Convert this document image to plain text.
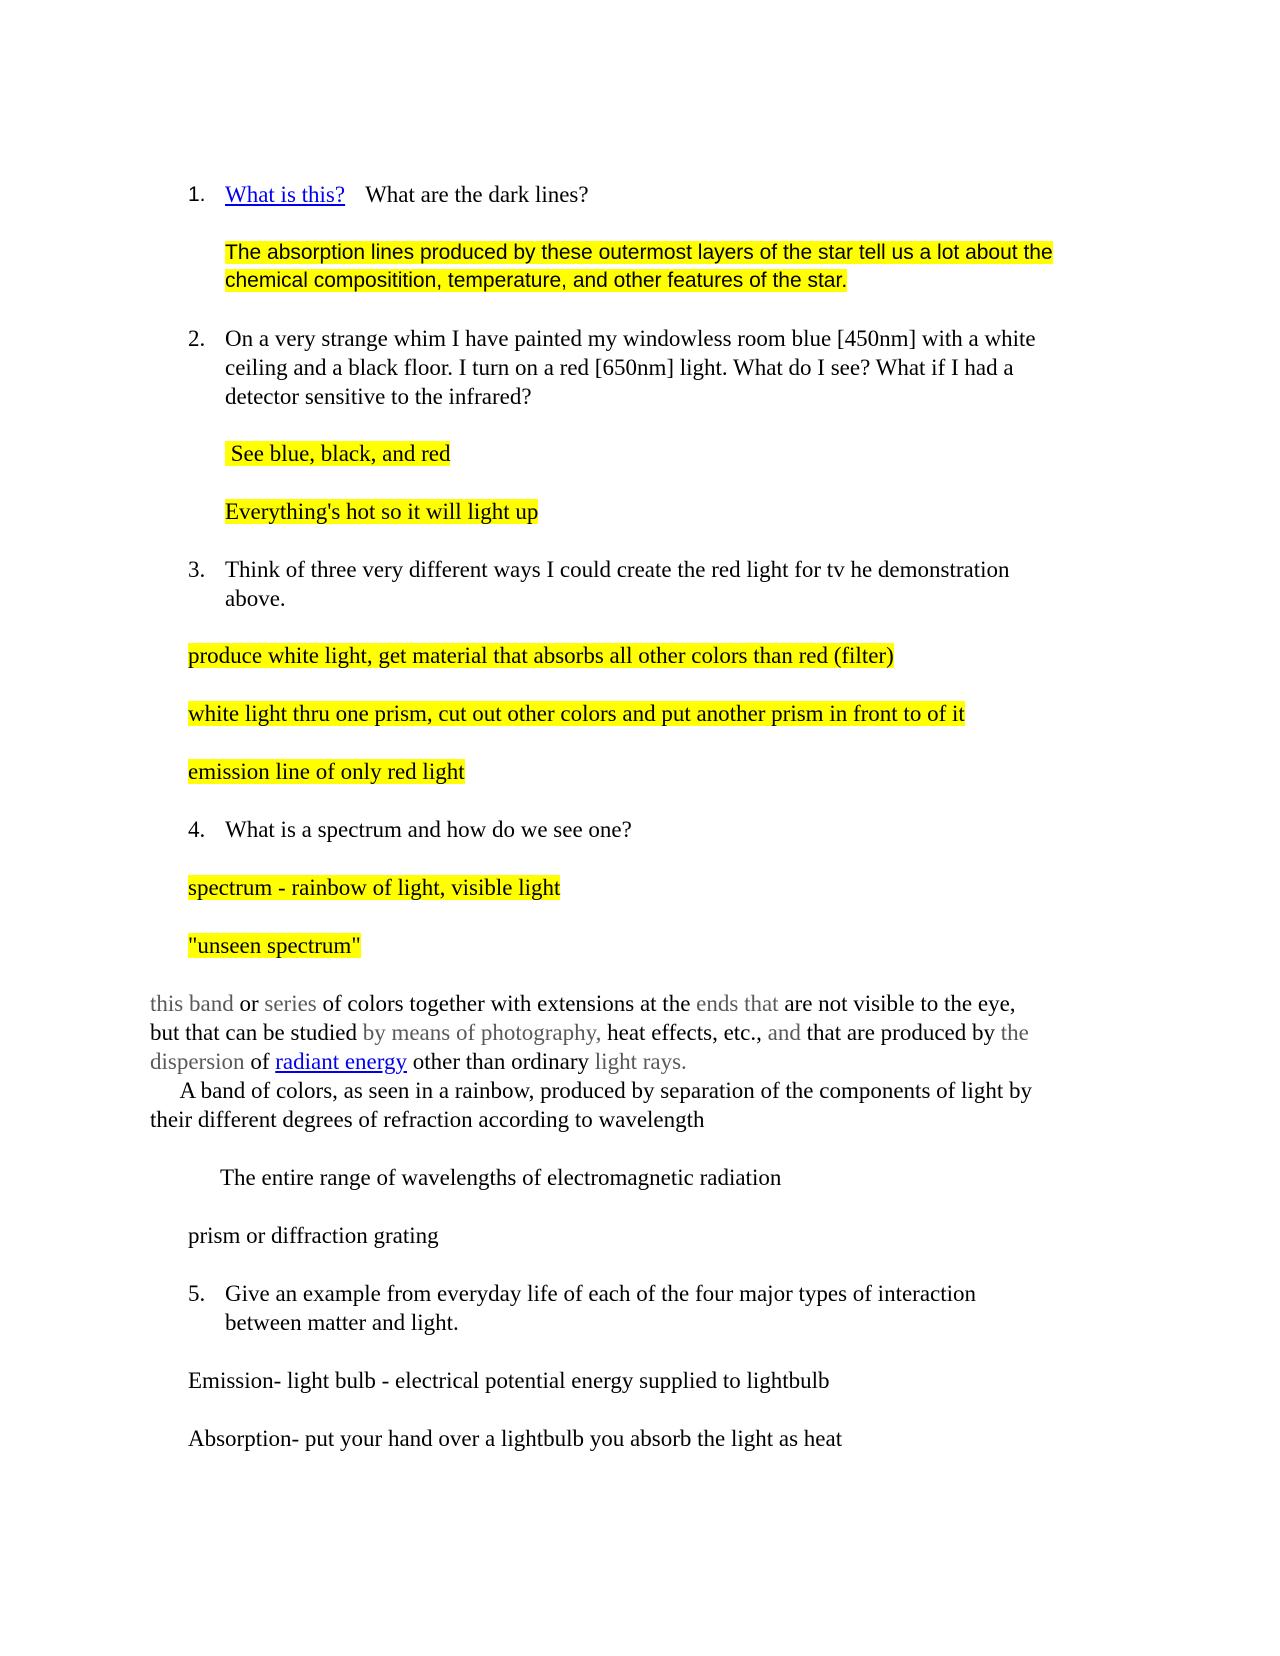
1. What is this? What are the dark lines?
The absorption lines produced by these outermost layers of the star tell us a lot about the
chemical compositition, temperature, and other features of the star.
2. On a very strange whim I have painted my windowless room blue [450nm] with a white
ceiling and a black floor. I turn on a red [650nm] light. What do I see? What if I had a
detector sensitive to the infrared?
See blue, black, and red
Everything's hot so it will light up
3. Think of three very different ways I could create the red light for tv he demonstration
above.
produce white light, get material that absorbs all other colors than red (filter)
white light thru one prism, cut out other colors and put another prism in front to of it
emission line of only red light
4. What is a spectrum and how do we see one?
spectrum - rainbow of light, visible light
"unseen spectrum"
this band or series of colors together with extensions at the ends that are not visible to the eye,
but that can be studied by means of photography, heat effects, etc., and that are produced by the
dispersion of radiant energy other than ordinary light rays.
A band of colors, as seen in a rainbow, produced by separation of the components of light by
their different degrees of refraction according to wavelength
The entire range of wavelengths of electromagnetic radiation
prism or diffraction grating
5. Give an example from everyday life of each of the four major types of interaction
between matter and light.
Emission- light bulb - electrical potential energy supplied to lightbulb
Absorption- put your hand over a lightbulb you absorb the light as heat
